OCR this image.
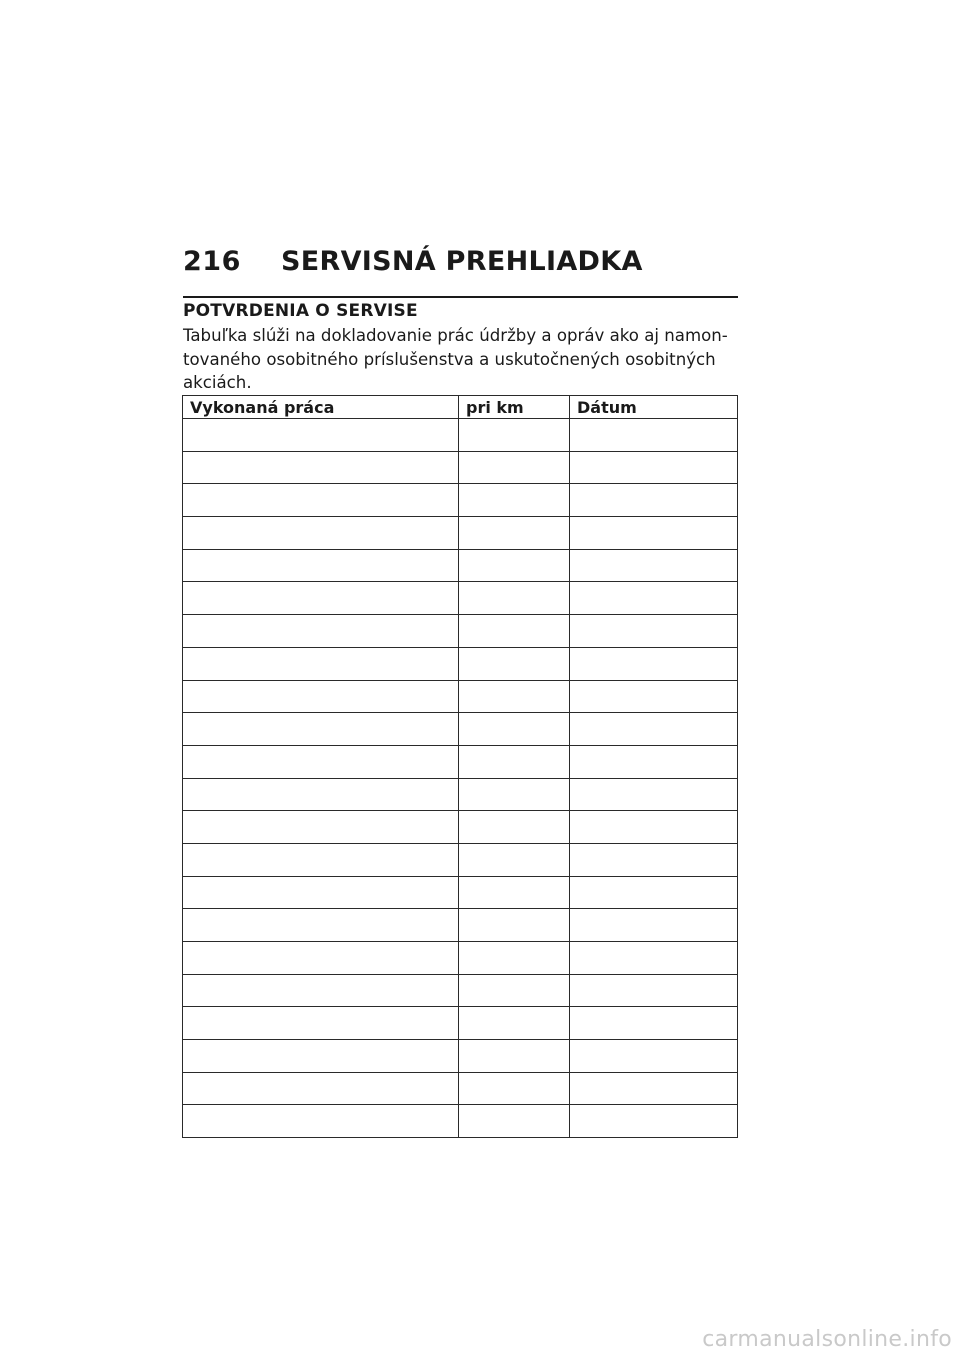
216	SERVISNÁ PREHLIADKA
POTVRDENIA O SERVISE

Tabuľka slúži na dokladovanie prác údržby a opráv ako aj namon-
tovaného osobitného príslušenstva a uskutočnených osobitných
akciách.

Vykonaná práca	pri km	Dátum

carmanualsonline.info
